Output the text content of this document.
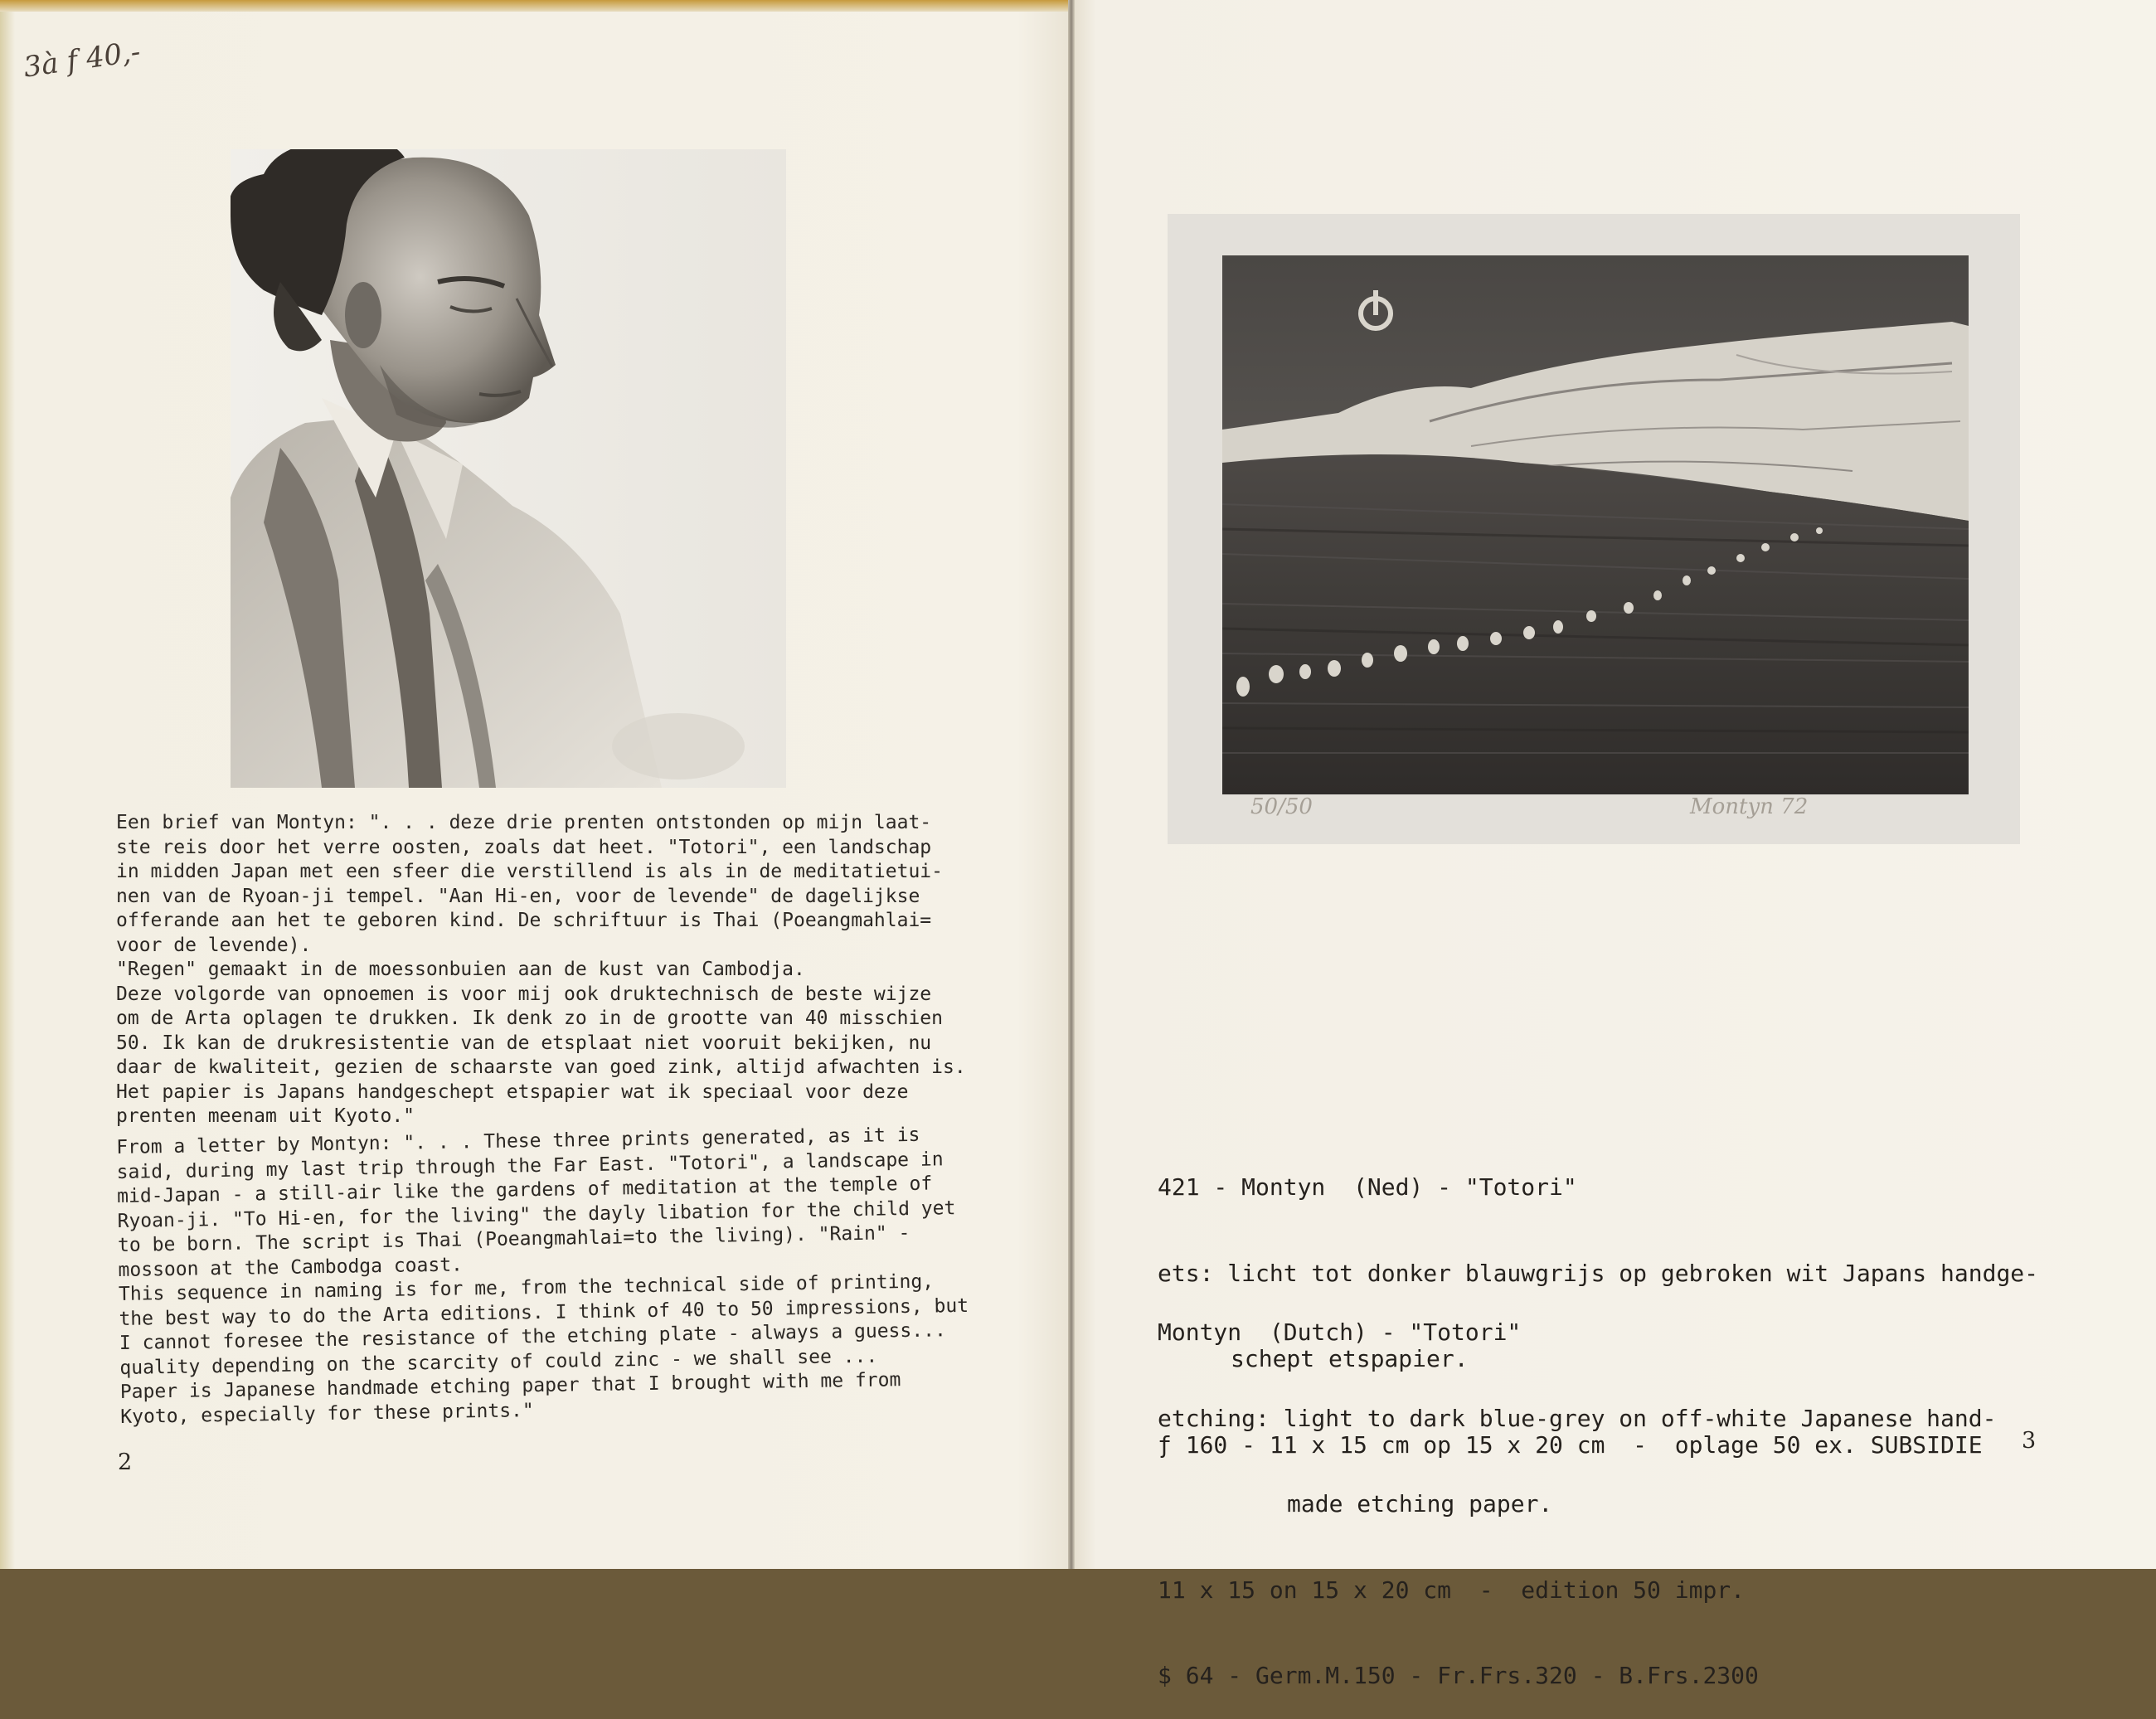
3à f 40,-
Een brief van Montyn: ". . . deze drie prenten ontstonden op mijn laat-
ste reis door het verre oosten, zoals dat heet. "Totori", een landschap
in midden Japan met een sfeer die verstillend is als in de meditatietui-
nen van de Ryoan-ji tempel. "Aan Hi-en, voor de levende" de dagelijkse
offerande aan het te geboren kind. De schriftuur is Thai (Poeangmahlai=
voor de levende).
"Regen" gemaakt in de moessonbuien aan de kust van Cambodja.
Deze volgorde van opnoemen is voor mij ook druktechnisch de beste wijze
om de Arta oplagen te drukken. Ik denk zo in de grootte van 40 misschien
50. Ik kan de drukresistentie van de etsplaat niet vooruit bekijken, nu
daar de kwaliteit, gezien de schaarste van goed zink, altijd afwachten is.
Het papier is Japans handgeschept etspapier wat ik speciaal voor deze
prenten meenam uit Kyoto."
From a letter by Montyn: ". . . These three prints generated, as it is
said, during my last trip through the Far East. "Totori", a landscape in
mid-Japan - a still-air like the gardens of meditation at the temple of
Ryoan-ji. "To Hi-en, for the living" the dayly libation for the child yet
to be born. The script is Thai (Poeangmahlai=to the living). "Rain" -
mossoon at the Cambodga coast.
This sequence in naming is for me, from the technical side of printing,
the best way to do the Arta editions. I think of 40 to 50 impressions, but
I cannot foresee the resistance of the etching plate - always a guess...
quality depending on the scarcity of could zinc - we shall see ...
Paper is Japanese handmade etching paper that I brought with me from
Kyoto, especially for these prints."
2
50/50	Montyn 72

421 - Montyn  (Ned) - "Totori"

ets: licht tot donker blauwgrijs op gebroken wit Japans handge-

schept etspapier.

ƒ 160 - 11 x 15 cm op 15 x 20 cm  -  oplage 50 ex. SUBSIDIE

Montyn  (Dutch) - "Totori"

etching: light to dark blue-grey on off-white Japanese hand-

made etching paper.

11 x 15 on 15 x 20 cm  -  edition 50 impr.

$ 64 - Germ.M.150 - Fr.Frs.320 - B.Frs.2300

3
